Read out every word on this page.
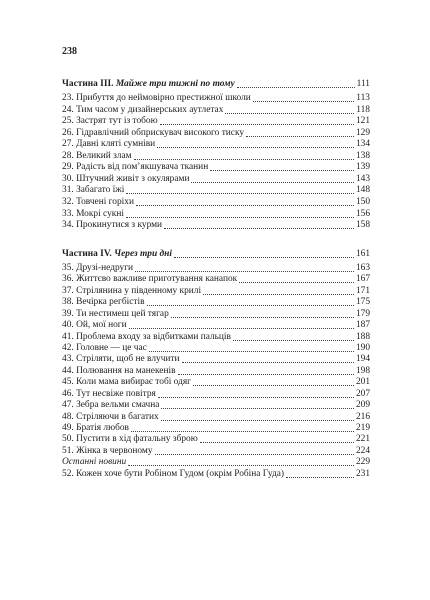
238
Частина III. Майже три тижні по тому	111
23. Прибуття до неймовірно престижної школи	113
24. Тим часом у дизайнерських аутлетах	118
25. Застрят тут із тобою	121
26. Гідравлічний обприскувач високого тиску	129
27. Давні кляті сумніви	134
28. Великий злам	138
29. Радість від пом’якшувача тканин	139
30. Штучний живіт з окулярами	143
31. Забагато їжі	148
32. Товчені горіхи	150
33. Мокрі сукні	156
34. Прокинутися з курми	158
Частина IV. Через три дні	161
35. Друзі-недруги	163
36. Життєво важливе приготування канапок	167
37. Стрілянина у південному крилі	171
38. Вечірка регбістів	175
39. Ти нестимеш цей тягар	179
40. Ой, мої ноги	187
41. Проблема входу за відбитками пальців	188
42. Головне — це час	190
43. Стріляти, щоб не влучити	194
44. Полювання на манекенів	198
45. Коли мама вибирає тобі одяг	201
46. Тут несвіже повітря	207
47. Зебра вельми смачна	209
48. Стріляючи в багатих	216
49. Братія любов	219
50. Пустити в хід фатальну зброю	221
51. Жінка в червоному	224
Останні новини	229
52. Кожен хоче бути Робіном Гудом (окрім Робіна Гуда)	231
